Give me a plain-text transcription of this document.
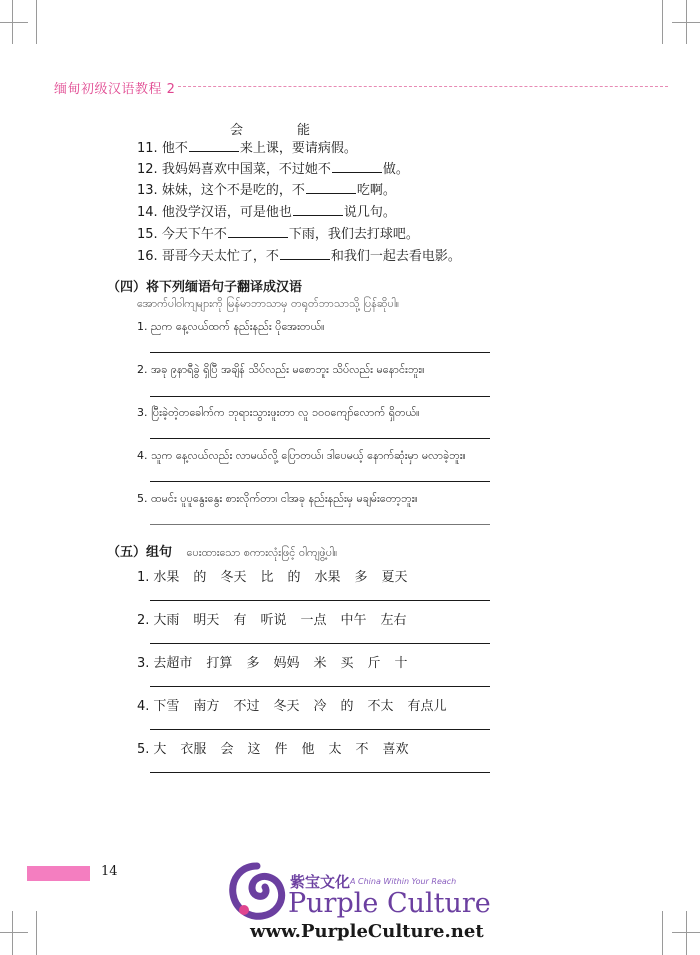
缅甸初级汉语教程 2
会	能
11. 他不	来上课，要请病假。
12. 我妈妈喜欢中国菜，不过她不	做。
13. 妹妹，这个不是吃的，不	吃啊。
14. 他没学汉语，可是他也	说几句。
15. 今天下午不	下雨，我们去打球吧。
16. 哥哥今天太忙了，不	和我们一起去看电影。
（四）将下列缅语句子翻译成汉语
အောက်ပါဝါကျများကို မြန်မာဘာသာမှ တရုတ်ဘာသာသို့ ပြန်ဆိုပါ။
1. ညက နေ့လယ်ထက် နည်းနည်း ပိုအေးတယ်။
2. အခု ၉နာရီခွဲ ရှိပြီ အချိန် သိပ်လည်း မစောဘူး သိပ်လည်း မနောင်းဘူး။
3. ပြီးခဲ့တဲ့တခေါက်က ဘုရားသွားဖူးတာ လူ ၁၀၀ကျော်လောက် ရှိတယ်။
4. သူက နေ့လယ်လည်း လာမယ်လို့ ပြောတယ်၊ ဒါပေမယ့် နောက်ဆုံးမှာ မလာခဲ့ဘူး။
5. ထမင်း ပူပူနွေးနွေး စားလိုက်တာ၊ ငါအခု နည်းနည်းမှ မချမ်းတော့ဘူး။
（五）组句 ပေးထားသော စကားလုံးဖြင့် ဝါကျဖွဲ့ပါ။
1. 水果 的 冬天 比 的 水果 多 夏天
2. 大雨 明天 有 听说 一点 中午 左右
3. 去超市 打算 多 妈妈 米 买 斤 十
4. 下雪 南方 不过 冬天 冷 的 不太 有点儿
5. 大 衣服 会 这 件 他 太 不 喜欢
14
紫宝文化 A China Within Your Reach
Purple Culture
www.PurpleCulture.net
